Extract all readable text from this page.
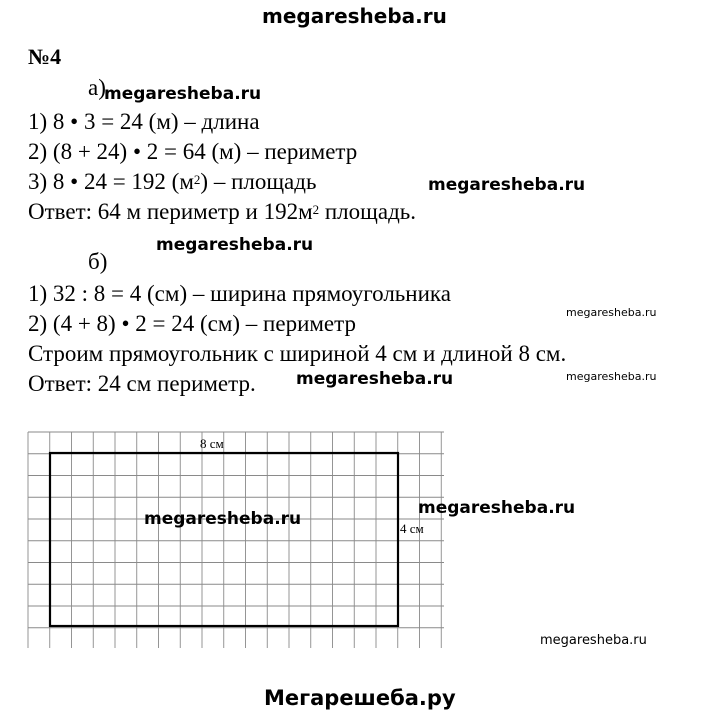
megaresheba.ru
№4
а)
megaresheba.ru
1) 8 • 3 = 24 (м) – длина
2) (8 + 24) • 2 = 64 (м) – периметр
3) 8 • 24 = 192 $(м^2)$ – площадь	megaresheba.ru
Ответ: 64 м периметр и $192м^2$ площадь.
megaresheba.ru
б)
1) 32 : 8 = 4 (см) – ширина прямоугольника
megaresheba.ru
2) (4 + 8) • 2 = 24 (см) – периметр
Строим прямоугольник с шириной 4 см и длиной 8 см.
Ответ: 24 см периметр. megaresheba.ru	megaresheba.ru
8 см
4 см
megaresheba.ru
megaresheba.ru
megaresheba.ru
Мегарешеба.ру
